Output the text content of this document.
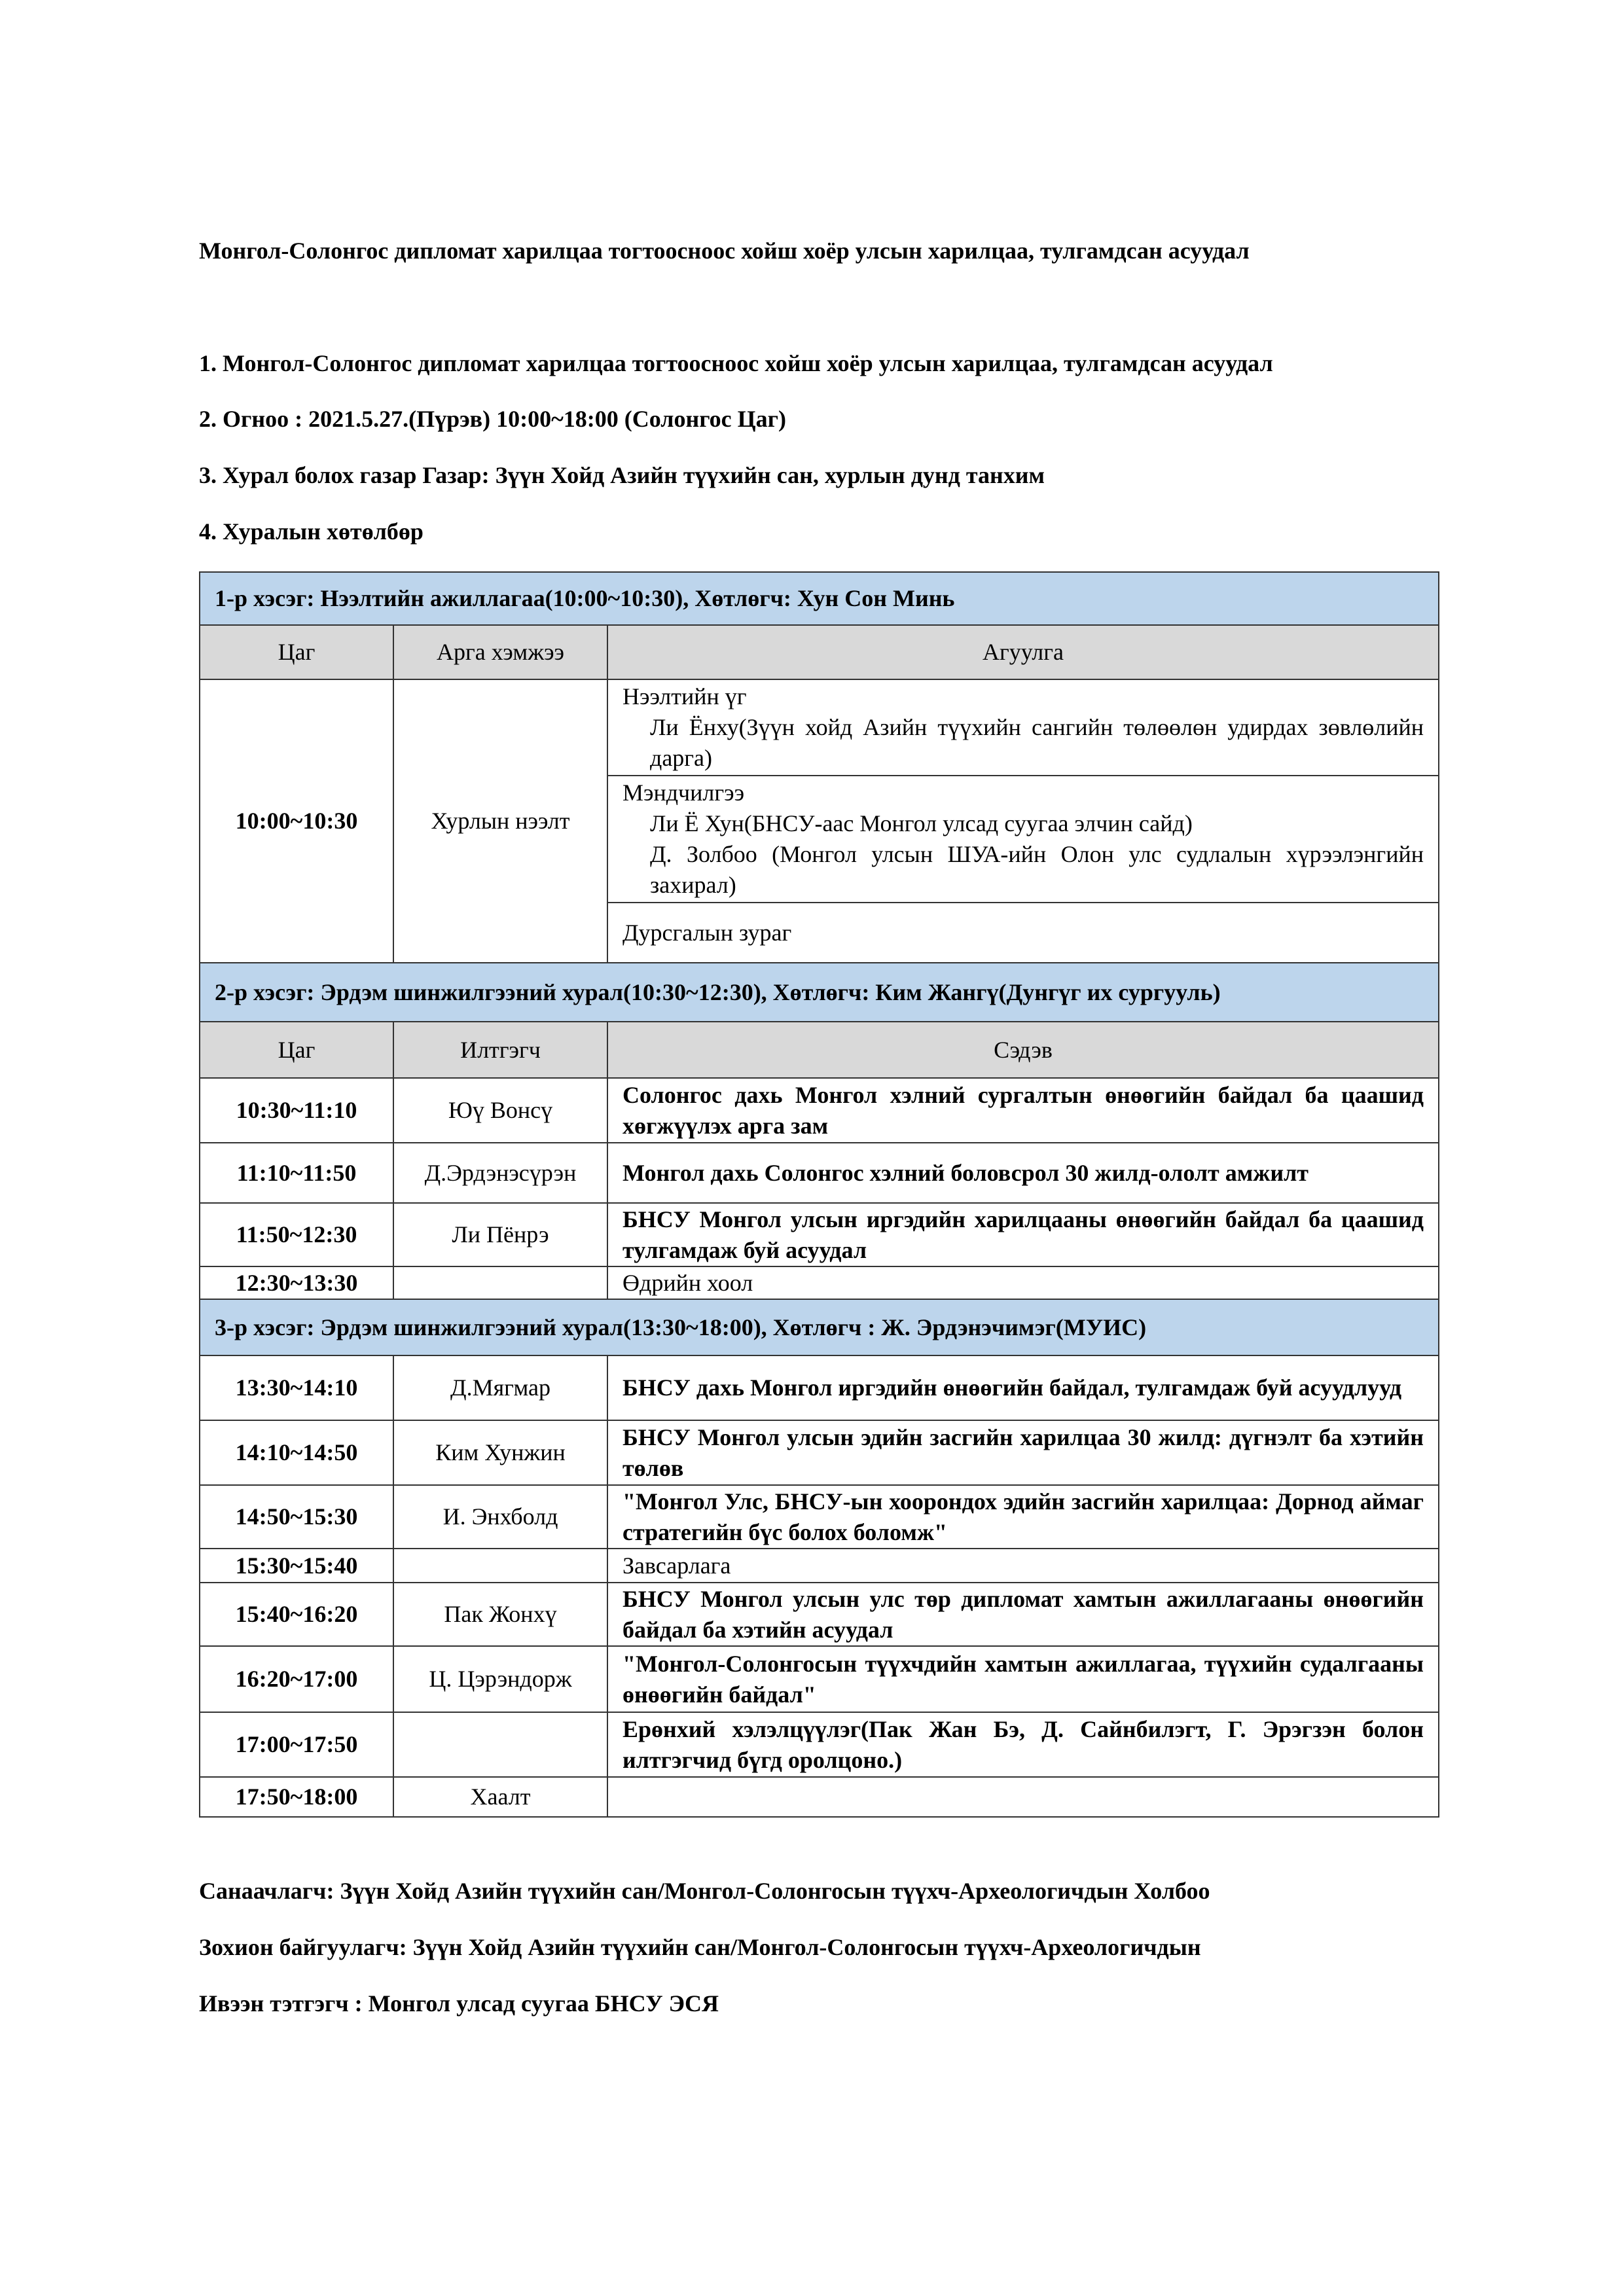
Монгол-Солонгос дипломат харилцаа тогтоосноос хойш хоёр улсын харилцаа, тулгамдсан асуудал
1. Монгол-Солонгос дипломат харилцаа тогтоосноос хойш хоёр улсын харилцаа, тулгамдсан асуудал
2. Огноо : 2021.5.27.(Пүрэв) 10:00~18:00 (Солонгос Цаг)
3. Хурал болох газар Газар: Зүүн Хойд Азийн түүхийн сан, хурлын дунд танхим
4. Хуралын хөтөлбөр
1-р хэсэг: Нээлтийн ажиллагаа(10:00~10:30), Хөтлөгч: Хун Сон Минь		
Цаг	Арга хэмжээ	Агуулга
10:00~10:30	Хурлын нээлт	Нээлтийн үг
Ли Ёнху(Зүүн хойд Азийн түүхийн сангийн төлөөлөн удирдах зөвлөлийн дарга)

		Мэндчилгээ
Ли Ё Хун(БНСУ-аас Монгол улсад суугаа элчин сайд)
Д. Золбоо (Монгол улсын ШУА-ийн Олон улс судлалын хүрээлэнгийн захирал)

		Дурсгалын зураг
2-р хэсэг: Эрдэм шинжилгээний хурал(10:30~12:30), Хөтлөгч: Ким Жангү(Дунгүг их сургууль)		
Цаг	Илтгэгч	Сэдэв
10:30~11:10	Юү Вонсү	Солонгос дахь Монгол хэлний сургалтын өнөөгийн байдал ба цаашид хөгжүүлэх арга зам
11:10~11:50	Д.Эрдэнэсүрэн	Монгол дахь Солонгос хэлний боловсрол 30 жилд-ололт амжилт
11:50~12:30	Ли Пёнрэ	БНСУ Монгол улсын иргэдийн харилцааны өнөөгийн байдал ба цаашид тулгамдаж буй асуудал
12:30~13:30		Өдрийн хоол
3-р хэсэг: Эрдэм шинжилгээний хурал(13:30~18:00), Хөтлөгч : Ж. Эрдэнэчимэг(МУИС)		
13:30~14:10	Д.Мягмар	БНСУ дахь Монгол иргэдийн өнөөгийн байдал, тулгамдаж буй асуудлууд
14:10~14:50	Ким Хунжин	БНСУ Монгол улсын эдийн засгийн харилцаа 30 жилд: дүгнэлт ба хэтийн төлөв
14:50~15:30	И. Энхболд	"Монгол Улс, БНСУ-ын хоорондох эдийн засгийн харилцаа: Дорнод аймаг стратегийн бүс болох боломж"
15:30~15:40		Завсарлага
15:40~16:20	Пак Жонхү	БНСУ Монгол улсын улс төр дипломат хамтын ажиллагааны өнөөгийн байдал ба хэтийн асуудал
16:20~17:00	Ц. Цэрэндорж	"Монгол-Солонгосын түүхчдийн хамтын ажиллагаа, түүхийн судалгааны өнөөгийн байдал"
17:00~17:50		Ерөнхий хэлэлцүүлэг(Пак Жан Бэ, Д. Сайнбилэгт, Г. Эрэгзэн болон илтгэгчид бүгд оролцоно.)
17:50~18:00	Хаалт	
Санаачлагч: Зүүн Хойд Азийн түүхийн сан/Монгол-Солонгосын түүхч-Археологичдын Холбоо
Зохион байгуулагч: Зүүн Хойд Азийн түүхийн сан/Монгол-Солонгосын түүхч-Археологичдын
Ивээн тэтгэгч : Монгол улсад суугаа БНСУ ЭСЯ
